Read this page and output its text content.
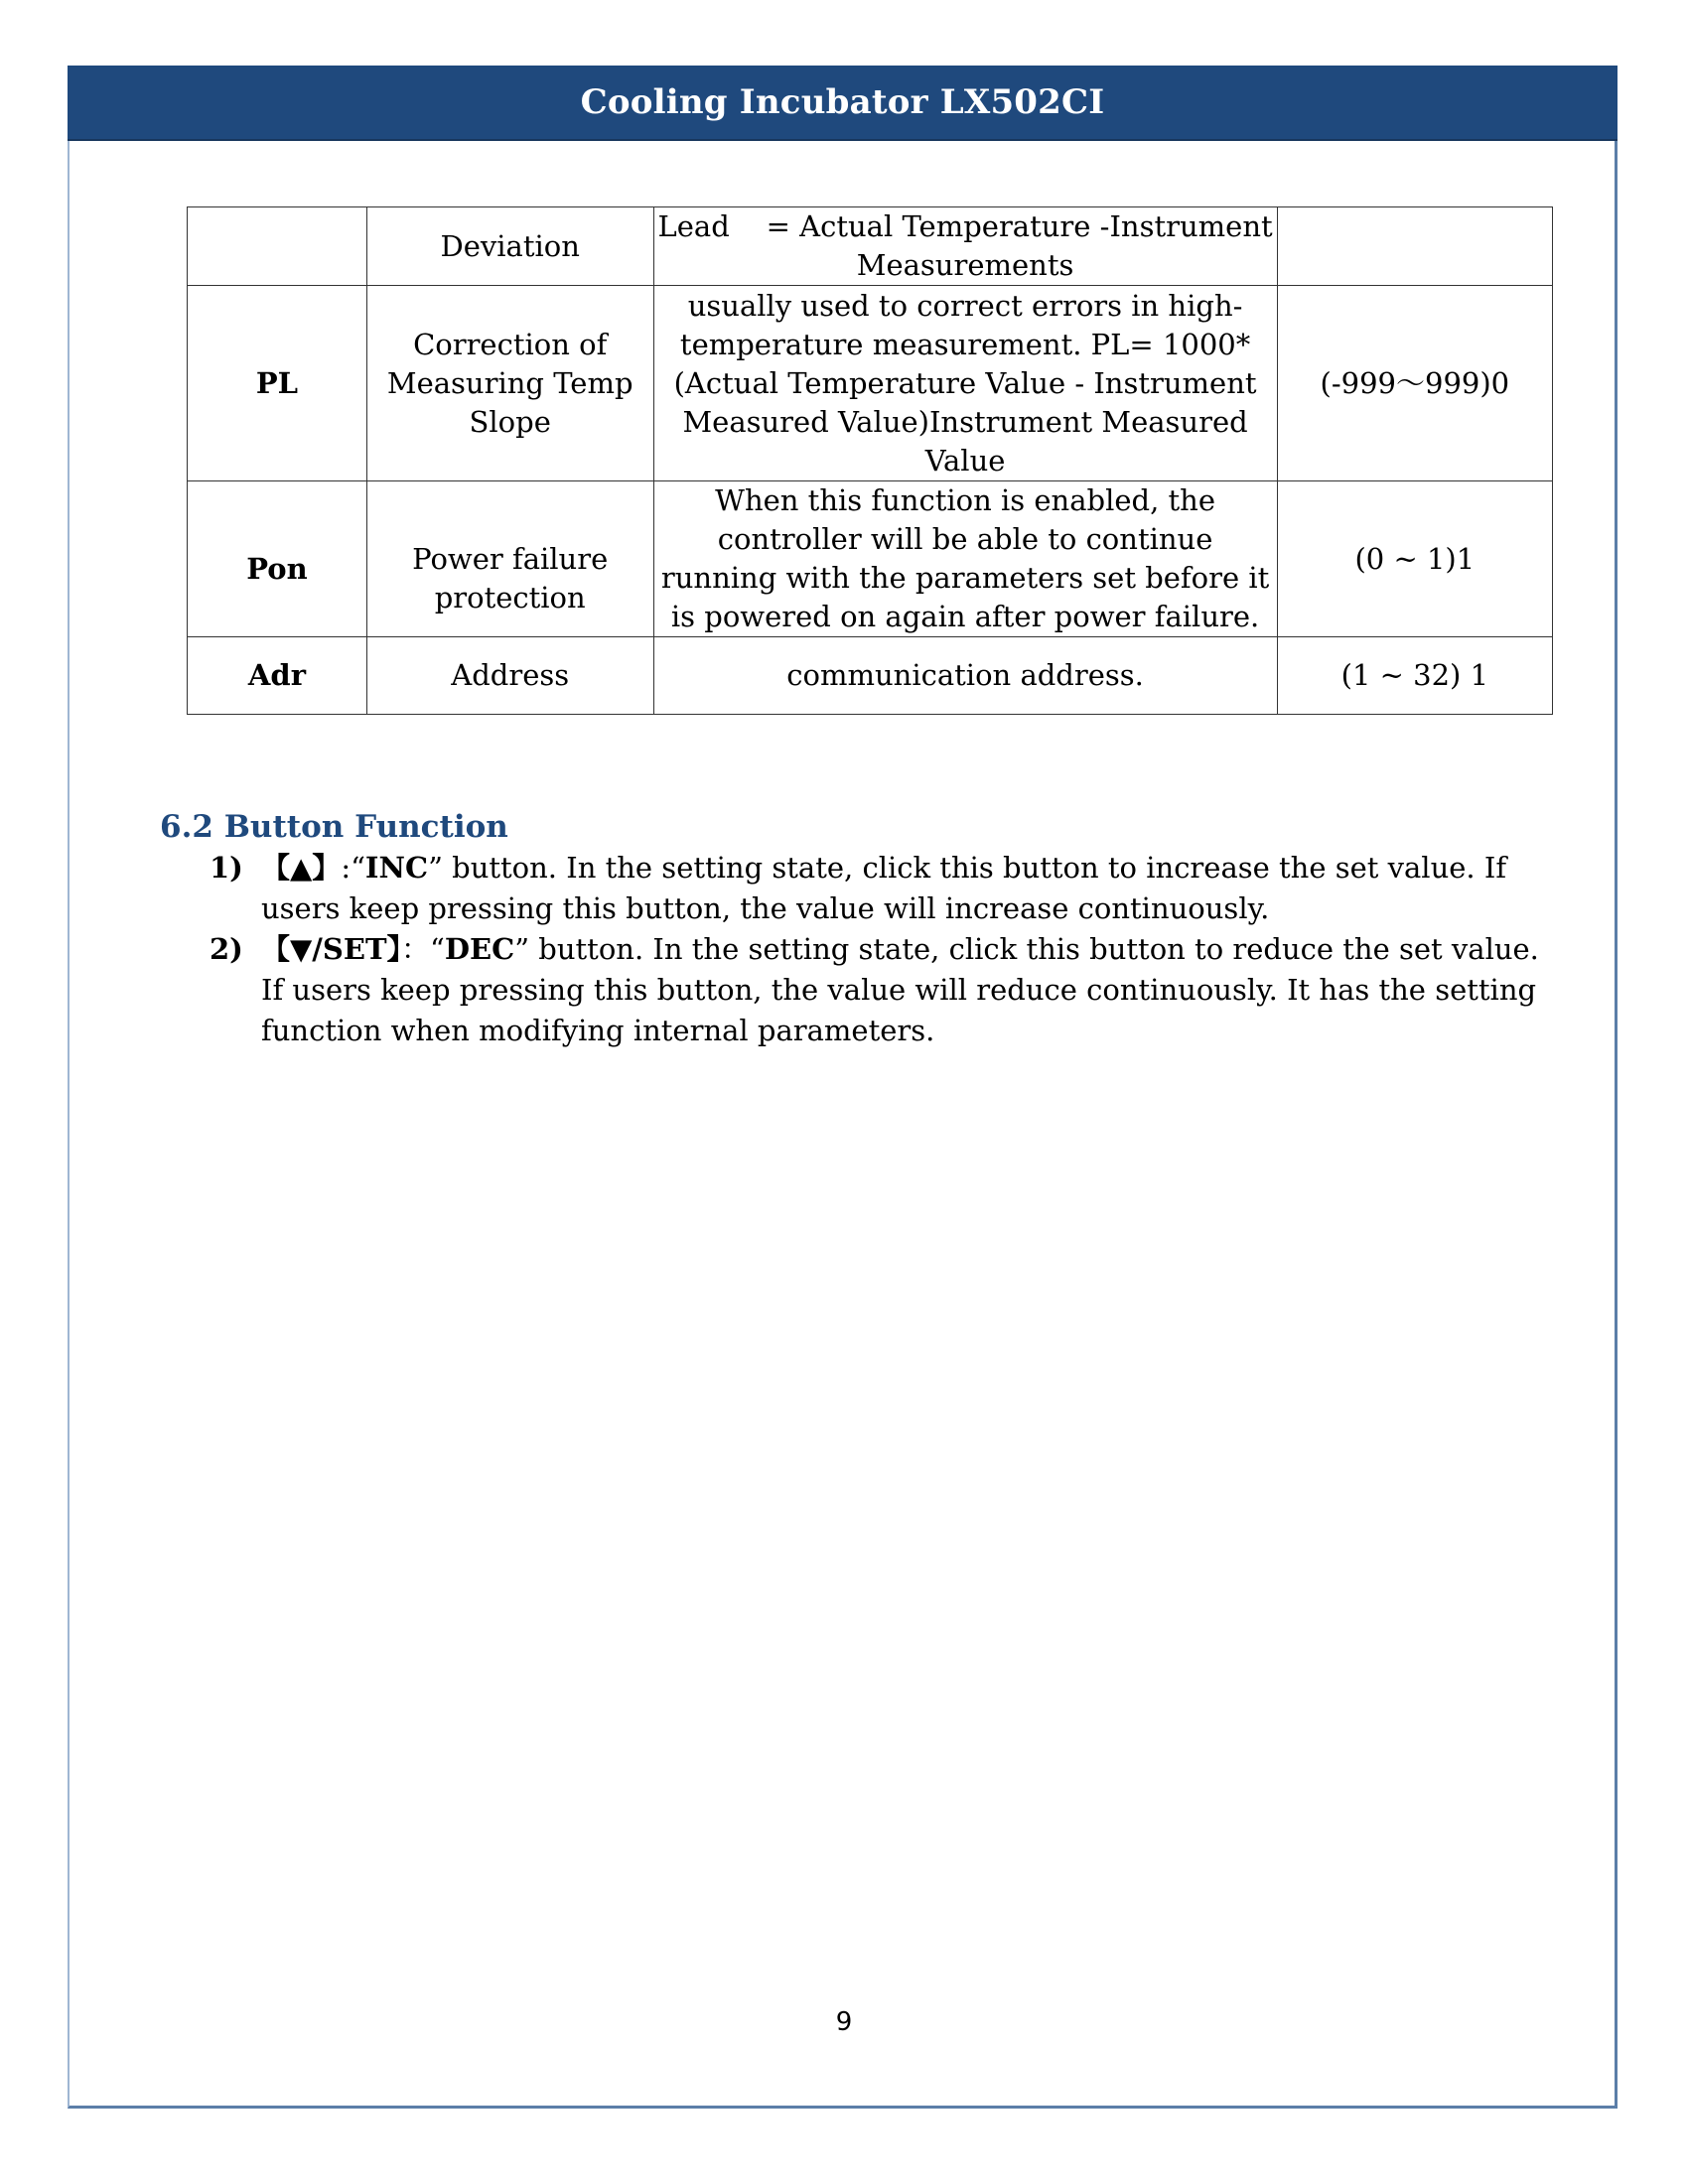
Cooling Incubator LX502CI
	Deviation	Lead    = Actual Temperature -Instrument
Measurements	

PL	Correction of Measuring Temp Slope	usually used to correct errors in high-temperature measurement. PL= 1000* (Actual Temperature Value - Instrument Measured Value)Instrument Measured Value	(-999～999)0
Pon	Power failure protection	When this function is enabled, the controller will be able to continue running with the parameters set before it is powered on again after power failure.	(0 ~ 1)1
Adr	Address	communication address.	(1 ~ 32) 1
6.2 Button Function
1) 【▲】:“INC” button. In the setting state, click this button to increase the set value. If users keep pressing this button, the value will increase continuously.
2) 【▼/SET】：“DEC” button. In the setting state, click this button to reduce the set value. If users keep pressing this button, the value will reduce continuously. It has the setting function when modifying internal parameters.
9
